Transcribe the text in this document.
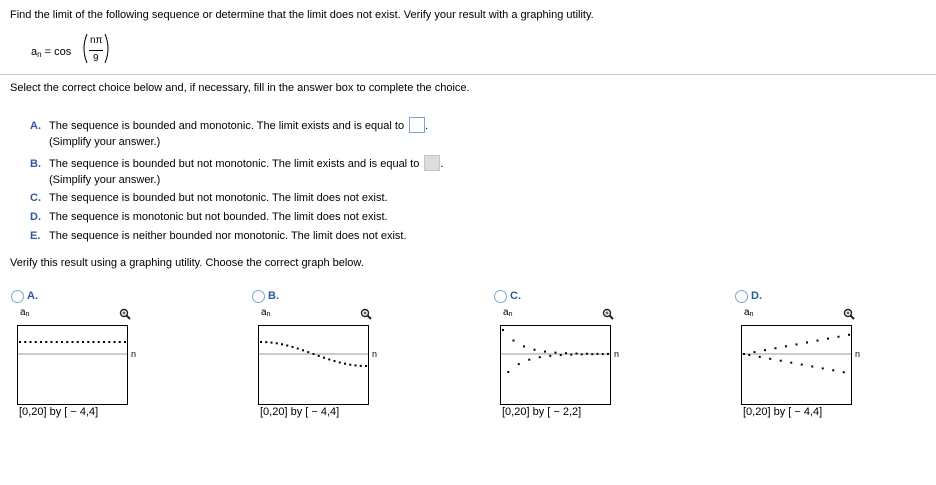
Find the limit of the following sequence or determine that the limit does not exist. Verify your result with a graphing utility.
$a_n = \cos$
nπ
9
Select the correct choice below and, if necessary, fill in the answer box to complete the choice.
A. The sequence is bounded and monotonic. The limit exists and is equal to .
(Simplify your answer.)
B. The sequence is bounded but not monotonic. The limit exists and is equal to .
(Simplify your answer.)
C. The sequence is bounded but not monotonic. The limit does not exist.
D. The sequence is monotonic but not bounded. The limit does not exist.
E. The sequence is neither bounded nor monotonic. The limit does not exist.
Verify this result using a graphing utility. Choose the correct graph below.
A.
$a_n$
n
[0,20] by [ − 4,4]
B.
$a_n$
n
[0,20] by [ − 4,4]
C.
$a_n$
n
[0,20] by [ − 2,2]
D.
$a_n$
n
[0,20] by [ − 4,4]
